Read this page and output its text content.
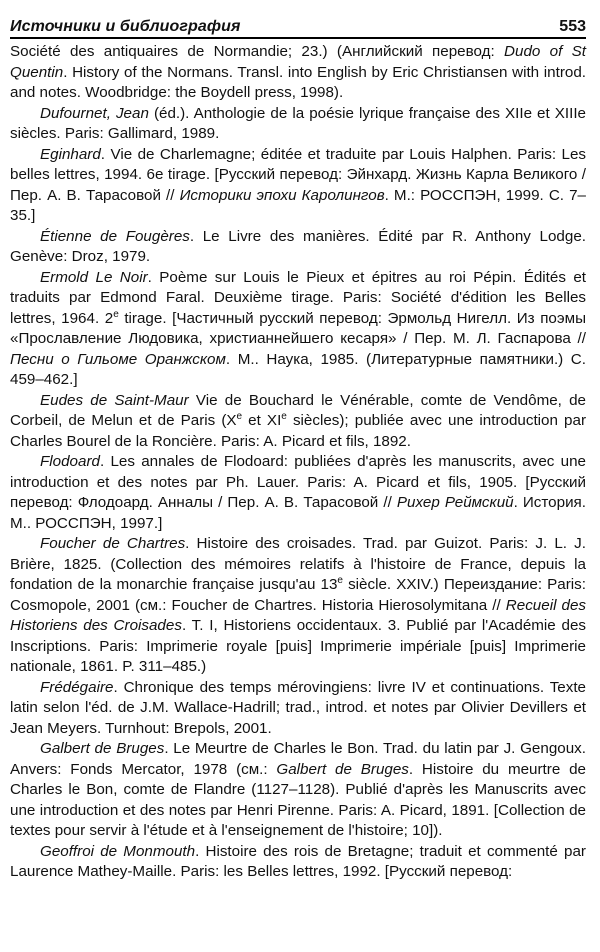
Источники и библиография	553

Société des antiquaires de Normandie; 23.) (Английский перевод: Dudo of St Quentin. History of the Normans. Transl. into English by Eric Christiansen with introd. and notes. Woodbridge: the Boydell press, 1998).

Dufournet, Jean (éd.). Anthologie de la poésie lyrique française des XIIe et XIIIe siècles. Paris: Gallimard, 1989.

Eginhard. Vie de Charlemagne; éditée et traduite par Louis Halphen. Paris: Les belles lettres, 1994. 6e tirage. [Русский перевод: Эйнхард. Жизнь Карла Великого / Пер. А. В. Тарасовой // Историки эпохи Каролингов. М.: РОССПЭН, 1999. С. 7–35.]

Étienne de Fougères. Le Livre des manières. Édité par R. Anthony Lodge. Genève: Droz, 1979.

Ermold Le Noir. Poème sur Louis le Pieux et épitres au roi Pépin. Édités et traduits par Edmond Faral. Deuxième tirage. Paris: Société d'édition les Belles lettres, 1964. 2e tirage. [Частичный русский перевод: Эрмольд Нигелл. Из поэмы «Прославление Людовика, христианнейшего кесаря» / Пер. М. Л. Гаспарова // Песни о Гильоме Оранжском. М.. Наука, 1985. (Литературные памятники.) С. 459–462.]

Eudes de Saint-Maur Vie de Bouchard le Vénérable, comte de Vendôme, de Corbeil, de Melun et de Paris (Xe et XIe siècles); publiée avec une introduction par Charles Bourel de la Roncière. Paris: A. Picard et fils, 1892.

Flodoard. Les annales de Flodoard: publiées d'après les manuscrits, avec une introduction et des notes par Ph. Lauer. Paris: A. Picard et fils, 1905. [Русский перевод: Флодоард. Анналы / Пер. А. В. Тарасовой // Рихер Реймский. История. М.. РОССПЭН, 1997.]

Foucher de Chartres. Histoire des croisades. Trad. par Guizot. Paris: J. L. J. Brière, 1825. (Collection des mémoires relatifs à l'histoire de France, depuis la fondation de la monarchie française jusqu'au 13e siècle. XXIV.) Переиздание: Paris: Cosmopole, 2001 (см.: Foucher de Chartres. Historia Hierosolymitana // Recueil des Historiens des Croisades. T. I, Historiens occidentaux. 3. Publié par l'Académie des Inscriptions. Paris: Imprimerie royale [puis] Imprimerie impériale [puis] Imprimerie nationale, 1861. P. 311–485.)

Frédégaire. Chronique des temps mérovingiens: livre IV et continuations. Texte latin selon l'éd. de J.M. Wallace-Hadrill; trad., introd. et notes par Olivier Devillers et Jean Meyers. Turnhout: Brepols, 2001.

Galbert de Bruges. Le Meurtre de Charles le Bon. Trad. du latin par J. Gengoux. Anvers: Fonds Mercator, 1978 (см.: Galbert de Bruges. Histoire du meurtre de Charles le Bon, comte de Flandre (1127–1128). Publié d'après les Manuscrits avec une introduction et des notes par Henri Pirenne. Paris: A. Picard, 1891. [Collection de textes pour servir à l'étude et à l'enseignement de l'histoire; 10]).

Geoffroi de Monmouth. Histoire des rois de Bretagne; traduit et commenté par Laurence Mathey-Maille. Paris: les Belles lettres, 1992. [Русский перевод:
